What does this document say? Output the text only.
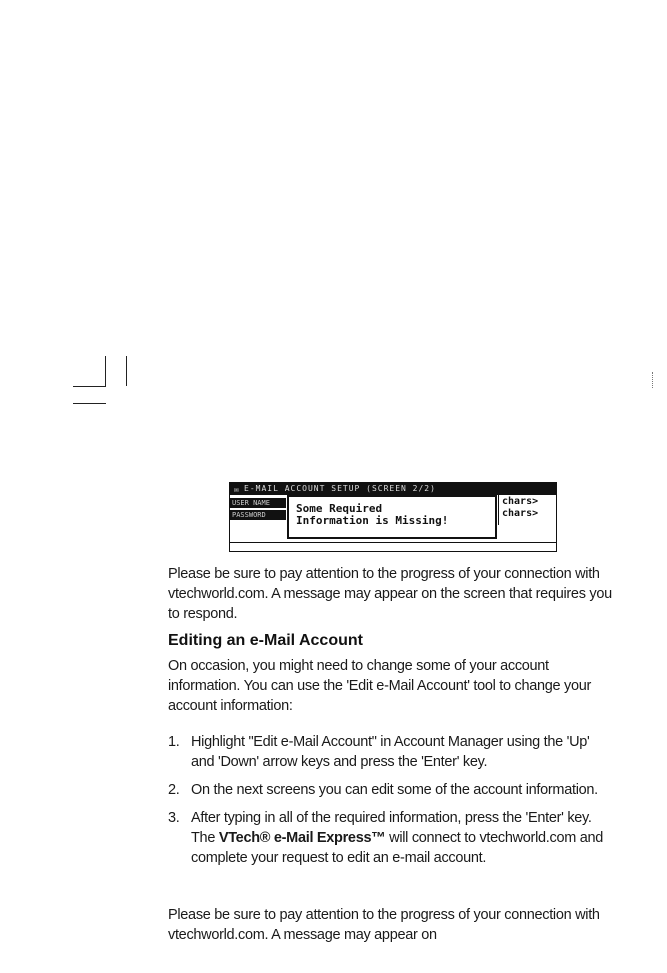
E-MAIL ACCOUNT SETUP (SCREEN 2/2)
✉
USER NAME
PASSWORD
chars>
chars>
Some Required
Information is Missing!

Please be sure to pay attention to the progress of your connection with vtechworld.com. A message may appear on the screen that requires you to respond.

Editing an e-Mail Account

On occasion, you might need to change some of your account information. You can use the 'Edit e-Mail Account' tool to change your account information:

1. Highlight "Edit e-Mail Account" in Account Manager using the 'Up' and 'Down' arrow keys and press the 'Enter' key.
2. On the next screens you can edit some of the account information.
3. After typing in all of the required information, press the 'Enter' key. The VTech® e-Mail Express™ will connect to vtechworld.com and complete your request to edit an e-mail account.

Please be sure to pay attention to the progress of your connection with vtechworld.com. A message may appear on
